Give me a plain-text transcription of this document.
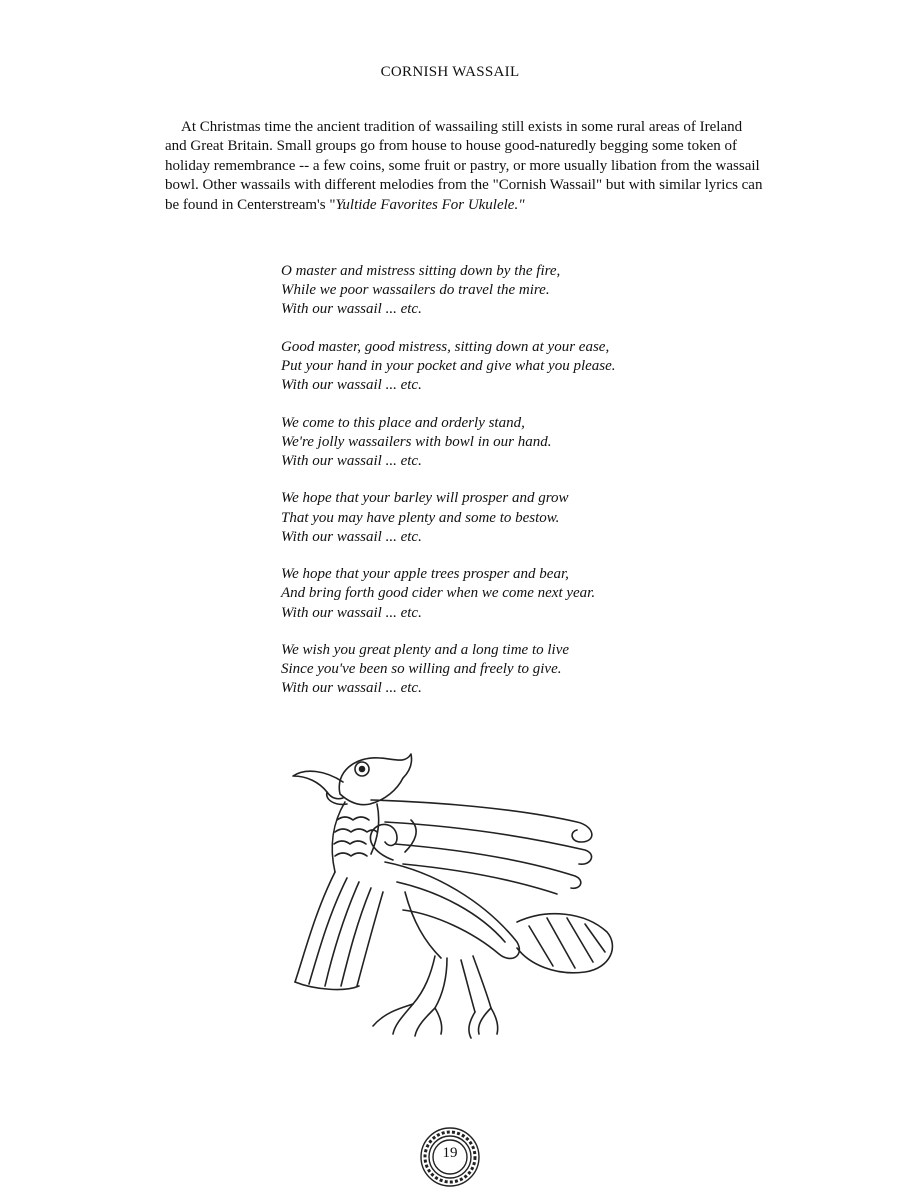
CORNISH WASSAIL

At Christmas time the ancient tradition of wassailing still exists in some rural areas of Ireland and Great Britain. Small groups go from house to house good-naturedly begging some token of holiday remembrance -- a few coins, some fruit or pastry, or more usually libation from the wassail bowl. Other wassails with different melodies from the "Cornish Wassail" but with similar lyrics can be found in Centerstream's "Yultide Favorites For Ukulele."

O master and mistress sitting down by the fire,
While we poor wassailers do travel the mire.
With our wassail ... etc.
Good master, good mistress, sitting down at your ease,
Put your hand in your pocket and give what you please.
With our wassail ... etc.
We come to this place and orderly stand,
We're jolly wassailers with bowl in our hand.
With our wassail ... etc.
We hope that your barley will prosper and grow
That you may have plenty and some to bestow.
With our wassail ... etc.
We hope that your apple trees prosper and bear,
And bring forth good cider when we come next year.
With our wassail ... etc.
We wish you great plenty and a long time to live
Since you've been so willing and freely to give.
With our wassail ... etc.
19
